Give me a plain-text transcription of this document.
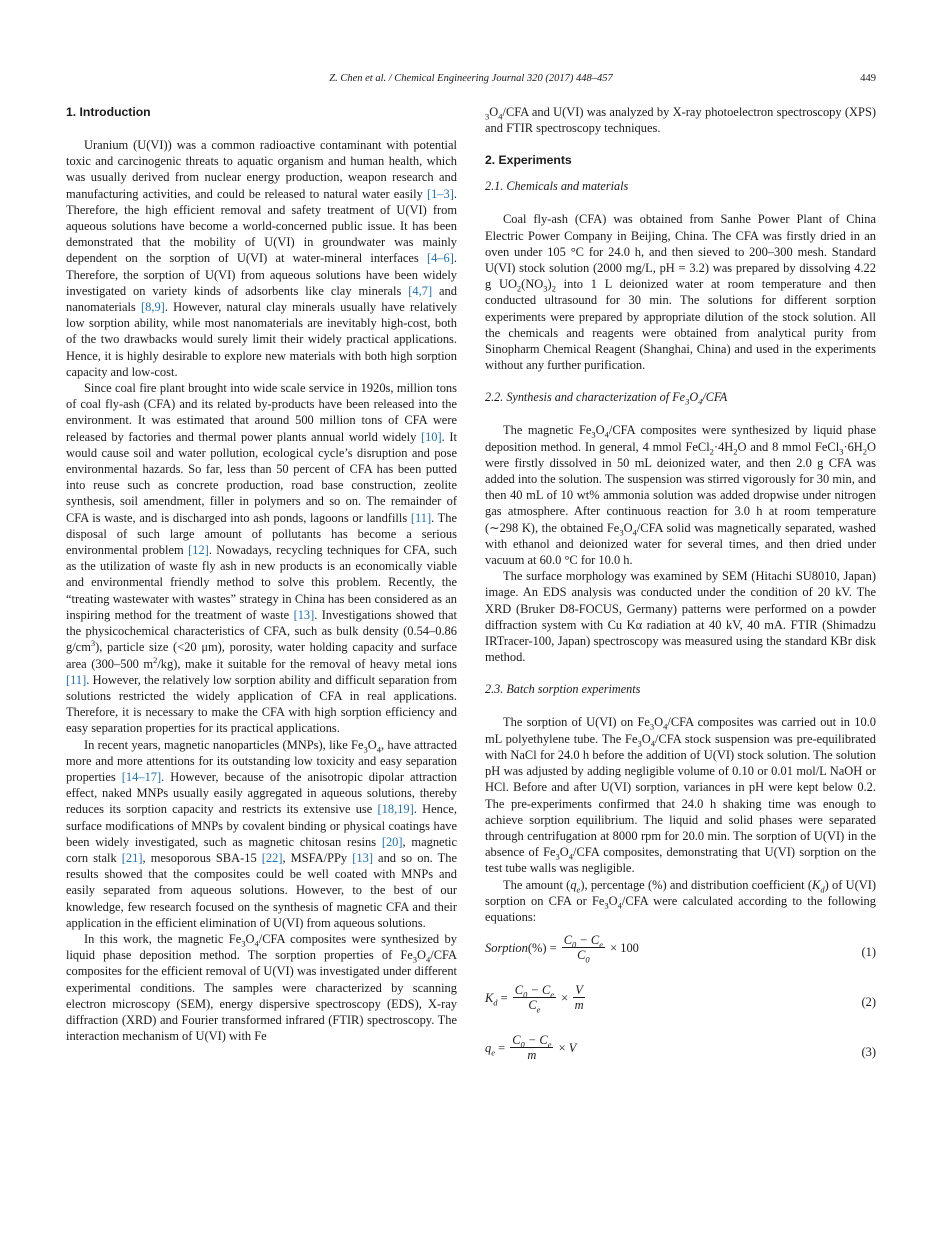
Z. Chen et al. / Chemical Engineering Journal 320 (2017) 448–457	449
1. Introduction

Uranium (U(VI)) was a common radioactive contaminant with potential toxic and carcinogenic threats to aquatic organism and human health, which was usually derived from nuclear energy production, weapon research and manufacturing activities, and could be released to natural water easily [1–3]. Therefore, the high efficient removal and safety treatment of U(VI) from aqueous solutions have become a world-concerned public issue. It has been demonstrated that the mobility of U(VI) in groundwater was mainly dependent on the sorption of U(VI) at water-mineral interfaces [4–6]. Therefore, the sorption of U(VI) from aqueous solutions have been widely investigated on variety kinds of adsorbents like clay minerals [4,7] and nanomaterials [8,9]. However, natural clay minerals usually have relatively low sorption ability, while most nanomaterials are inevitably high-cost, both of the two drawbacks would surely limit their widely practical applications. Hence, it is highly desirable to explore new materials with both high sorption capacity and low-cost.

Since coal fire plant brought into wide scale service in 1920s, million tons of coal fly-ash (CFA) and its related by-products have been released into the environment. It was estimated that around 500 million tons of CFA were released by factories and thermal power plants annual world widely [10]. It would cause soil and water pollution, ecological cycle’s disruption and pose environmental hazards. So far, less than 50 percent of CFA has been putted into reuse such as concrete production, road base construction, zeolite synthesis, soil amendment, filler in polymers and so on. The remainder of CFA is waste, and is discharged into ash ponds, lagoons or landfills [11]. The disposal of such large amount of pollutants has become a serious environmental problem [12]. Nowadays, recycling techniques for CFA, such as the utilization of waste fly ash in new products is an economically viable and environmental friendly method to solve this problem. Recently, the “treating wastewater with wastes” strategy in China has been considered as an inspiring method for the treatment of waste [13]. Investigations showed that the physicochemical characteristics of CFA, such as bulk density (0.54–0.86 $g/cm^3$), particle size (<20 μm), porosity, water holding capacity and surface area (300–500 $m^2/kg$), make it suitable for the removal of heavy metal ions [11]. However, the relatively low sorption ability and difficult separation from solutions restricted the widely application of CFA in real applications. Therefore, it is necessary to make the CFA with high sorption efficiency and easy separation properties for its practical applications.

In recent years, magnetic nanoparticles (MNPs), like $Fe_3O_4$, have attracted more and more attentions for its outstanding low toxicity and easy separation properties [14–17]. However, because of the anisotropic dipolar attraction effect, naked MNPs usually easily aggregated in aqueous solutions, thereby reduces its sorption capacity and restricts its extensive use [18,19]. Hence, surface modifications of MNPs by covalent binding or physical coatings have been widely investigated, such as magnetic chitosan resins [20], magnetic corn stalk [21], mesoporous SBA-15 [22], MSFA/PPy [13] and so on. The results showed that the composites could be well coated with MNPs and easily separated from aqueous solutions. However, to the best of our knowledge, few research focused on the synthesis of magnetic CFA and their application in the efficient elimination of U(VI) from aqueous solutions.

In this work, the magnetic $Fe_3O_4$/CFA composites were synthesized by liquid phase deposition method. The sorption properties of $Fe_3O_4$/CFA composites for the efficient removal of U(VI) was investigated under different experimental conditions. The samples were characterized by scanning electron microscopy (SEM), energy dispersive spectroscopy (EDS), X-ray diffraction (XRD) and Fourier transformed infrared (FTIR) spectroscopy. The interaction mechanism of U(VI) with Fe

$_3O_4$/CFA and U(VI) was analyzed by X-ray photoelectron spectroscopy (XPS) and FTIR spectroscopy techniques.

2. Experiments
2.1. Chemicals and materials

Coal fly-ash (CFA) was obtained from Sanhe Power Plant of China Electric Power Company in Beijing, China. The CFA was firstly dried in an oven under 105 °C for 24.0 h, and then sieved to 200–300 mesh. Standard U(VI) stock solution (2000 mg/L, pH = 3.2) was prepared by dissolving 4.22 g $UO_2(NO_3)_2$ into 1 L deionized water at room temperature and then conducted ultrasound for 30 min. The solutions for different sorption experiments were prepared by appropriate dilution of the stock solution. All the chemicals and reagents were obtained from analytical purity from Sinopharm Chemical Reagent (Shanghai, China) and used in the experiments without any further purification.

2.2. Synthesis and characterization of $Fe_3O_4$/CFA

The magnetic $Fe_3O_4$/CFA composites were synthesized by liquid phase deposition method. In general, 4 mmol $FeCl_2\cdot 4H_2O$ and 8 mmol $FeCl_3\cdot 6H_2O$ were firstly dissolved in 50 mL deionized water, and then 2.0 g CFA was added into the solution. The suspension was stirred vigorously for 30 min, and then 40 mL of 10 wt% ammonia solution was added dropwise under nitrogen gas atmosphere. After continuous reaction for 3.0 h at room temperature (∼298 K), the obtained $Fe_3O_4$/CFA solid was magnetically separated, washed with ethanol and deionized water for several times, and then dried under vacuum at 60.0 °C for 10.0 h.

The surface morphology was examined by SEM (Hitachi SU8010, Japan) image. An EDS analysis was conducted under the condition of 20 kV. The XRD (Bruker D8-FOCUS, Germany) patterns were performed on a powder diffraction system with Cu Kα radiation at 40 kV, 40 mA. FTIR (Shimadzu IRTracer-100, Japan) spectroscopy was measured using the standard KBr disk method.

2.3. Batch sorption experiments

The sorption of U(VI) on $Fe_3O_4$/CFA composites was carried out in 10.0 mL polyethylene tube. The $Fe_3O_4$/CFA stock suspension was pre-equilibrated with NaCl for 24.0 h before the addition of U(VI) stock solution. The solution pH was adjusted by adding negligible volume of 0.10 or 0.01 mol/L NaOH or HCl. Before and after U(VI) sorption, variances in pH were kept below 0.2. The pre-experiments confirmed that 24.0 h shaking time was enough to achieve sorption equilibrium. The liquid and solid phases were separated through centrifugation at 8000 rpm for 20.0 min. The sorption of U(VI) in the absence of $Fe_3O_4$/CFA composites, demonstrating that U(VI) sorption on the test tube walls was negligible.

The amount $(q_e)$, percentage (%) and distribution coefficient $(K_d)$ of U(VI) sorption on CFA or $Fe_3O_4$/CFA were calculated according to the following equations:

Sorption (%) = $\frac{C_0 - C_e}{C_0} \times 100$	(1)
$K_d = \frac{C_0 - C_e}{C_e} \times \frac{V}{m}$	(2)
$q_e = \frac{C_0 - C_e}{m} \times V$	(3)
